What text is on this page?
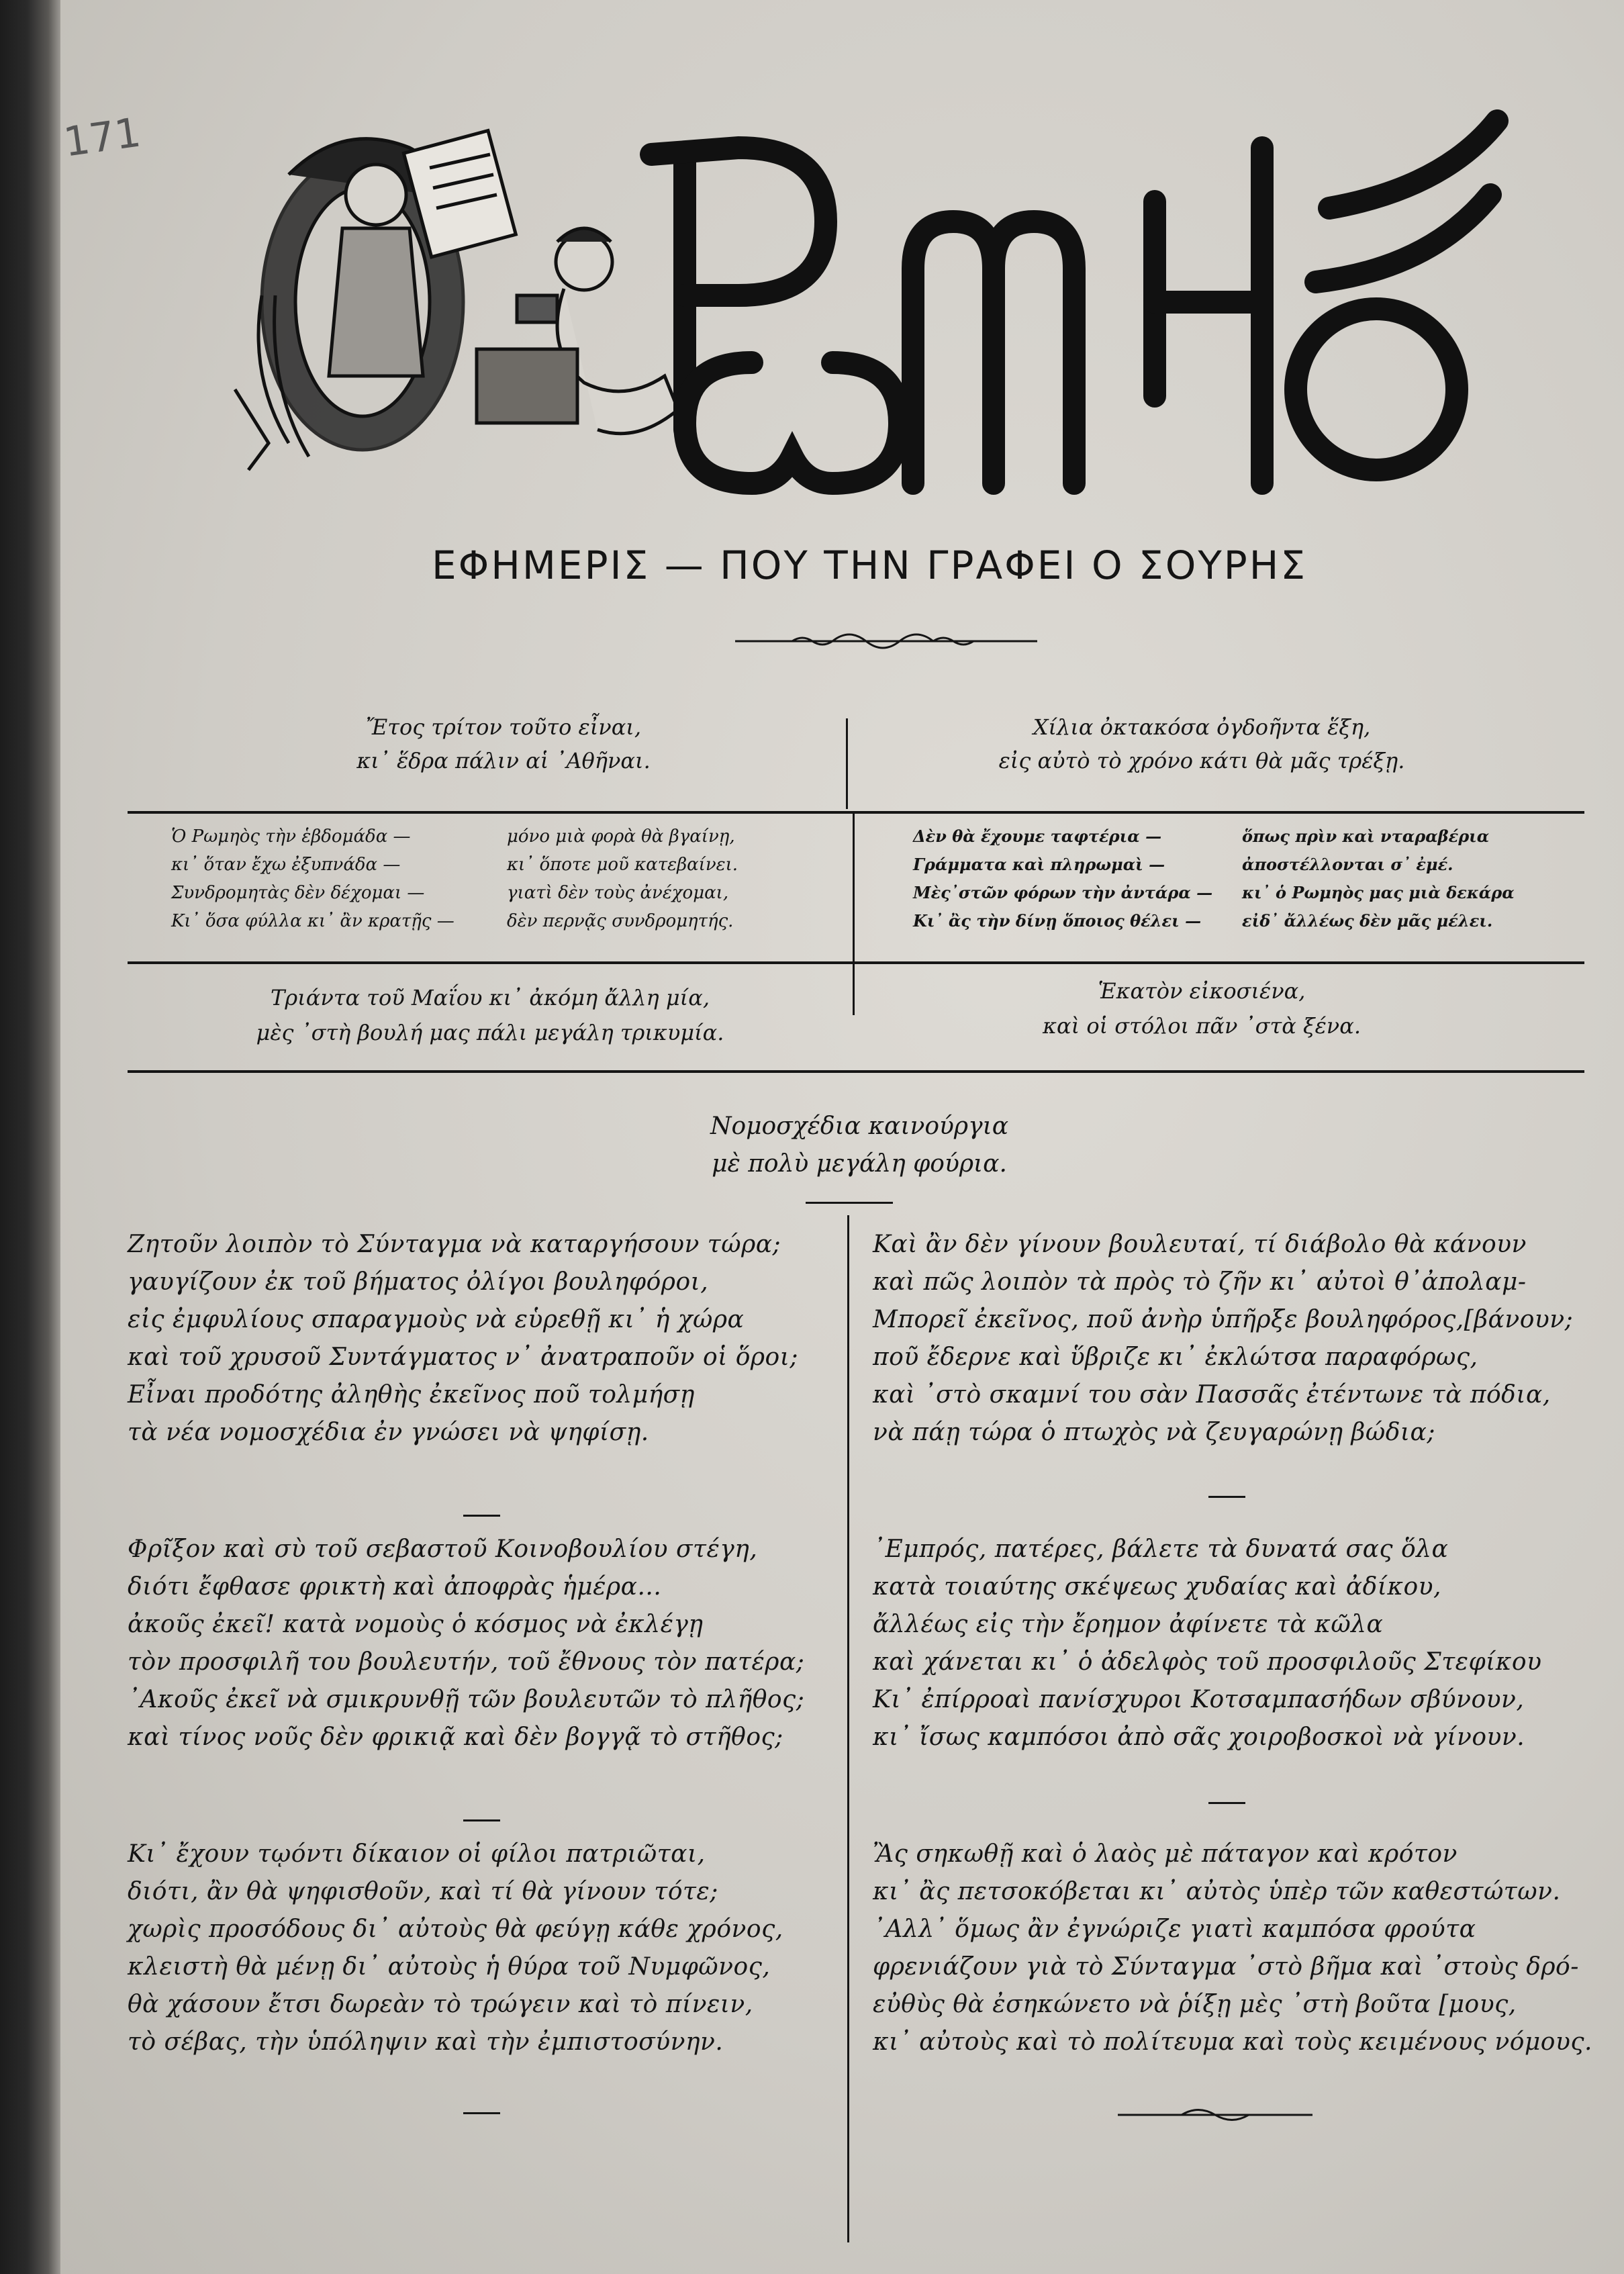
171
ΕΦΗΜΕΡΙΣ — ΠΟΥ ΤΗΝ ΓΡΑΦΕΙ Ο ΣΟΥΡΗΣ
Ἔτος τρίτον τοῦτο εἶναι,
κι᾽ ἕδρα πάλιν αἱ ᾽Αθῆναι.
Χίλια ὀκτακόσα ὀγδοῆντα ἕξη,
εἰς αὐτὸ τὸ χρόνο κάτι θὰ μᾶς τρέξῃ.
Ὁ Ρωμηὸς τὴν ἑβδομάδα —	μόνο μιὰ φορὰ θὰ βγαίνῃ,
κι᾽ ὅταν ἔχω ἐξυπνάδα —	κι᾽ ὅποτε μοῦ κατεβαίνει.
Συνδρομητὰς δὲν δέχομαι —	γιατὶ δὲν τοὺς ἀνέχομαι,
Κι᾽ ὅσα φύλλα κι᾽ ἂν κρατῇς —	δὲν περνᾷς συνδρομητής.
Δὲν θὰ ἔχουμε ταφτέρια —	ὅπως πρὶν καὶ νταραβέρια
Γράμματα καὶ πληρωμαὶ —	ἀποστέλλονται σ᾽ ἐμέ.
Μὲς᾽στῶν φόρων τὴν ἀντάρα — κι᾽ ὁ Ρωμηὸς μας μιὰ δεκάρα
Κι᾽ ἂς τὴν δίνῃ ὅποιος θέλει —	εἰδ᾽ ἄλλέως δὲν μᾶς μέλει.
Τριάντα τοῦ Μαΐου κι᾽ ἀκόμη ἄλλη μία,
μὲς ᾽στὴ βουλή μας πάλι μεγάλη τρικυμία.
Ἑκατὸν εἰκοσιένα,
καὶ οἱ στόλοι πᾶν ᾽στὰ ξένα.
Νομοσχέδια καινούργια
μὲ πολὺ μεγάλη φούρια.
Ζητοῦν λοιπὸν τὸ Σύνταγμα νὰ καταργήσουν τώρα;
γαυγίζουν ἐκ τοῦ βήματος ὀλίγοι βουληφόροι,
εἰς ἐμφυλίους σπαραγμοὺς νὰ εὑρεθῇ κι᾽ ἡ χώρα
καὶ τοῦ χρυσοῦ Συντάγματος ν᾽ ἀνατραποῦν οἱ ὅροι;
Εἶναι προδότης ἀληθὴς ἐκεῖνος ποῦ τολμήσῃ
τὰ νέα νομοσχέδια ἐν γνώσει νὰ ψηφίσῃ.
Φρῖξον καὶ σὺ τοῦ σεβαστοῦ Κοινοβουλίου στέγη,
διότι ἔφθασε φρικτὴ καὶ ἀποφρὰς ἡμέρα...
ἀκοῦς ἐκεῖ! κατὰ νομοὺς ὁ κόσμος νὰ ἐκλέγῃ
τὸν προσφιλῆ του βουλευτήν, τοῦ ἔθνους τὸν πατέρα;
᾽Ακοῦς ἐκεῖ νὰ σμικρυνθῇ τῶν βουλευτῶν τὸ πλῆθος;
καὶ τίνος νοῦς δὲν φρικιᾷ καὶ δὲν βογγᾷ τὸ στῆθος;
Κι᾽ ἔχουν τῳόντι δίκαιον οἱ φίλοι πατριῶται,
διότι, ἂν θὰ ψηφισθοῦν, καὶ τί θὰ γίνουν τότε;
χωρὶς προσόδους δι᾽ αὐτοὺς θὰ φεύγῃ κάθε χρόνος,
κλειστὴ θὰ μένῃ δι᾽ αὐτοὺς ἡ θύρα τοῦ Νυμφῶνος,
θὰ χάσουν ἔτσι δωρεὰν τὸ τρώγειν καὶ τὸ πίνειν,
τὸ σέβας, τὴν ὑπόληψιν καὶ τὴν ἐμπιστοσύνην.
Καὶ ἂν δὲν γίνουν βουλευταί, τί διάβολο θὰ κάνουν
καὶ πῶς λοιπὸν τὰ πρὸς τὸ ζῆν κι᾽ αὐτοὶ θ᾽ἀπολαμ-
Μπορεῖ ἐκεῖνος, ποῦ ἀνὴρ ὑπῆρξε βουληφόρος,[βάνουν;
ποῦ ἔδερνε καὶ ὕβριζε κι᾽ ἐκλώτσα παραφόρως,
καὶ ᾽στὸ σκαμνί του σὰν Πασσᾶς ἐτέντωνε τὰ πόδια,
νὰ πάῃ τώρα ὁ πτωχὸς νὰ ζευγαρώνῃ βώδια;
᾽Εμπρός, πατέρες, βάλετε τὰ δυνατά σας ὅλα
κατὰ τοιαύτης σκέψεως χυδαίας καὶ ἀδίκου,
ἄλλέως εἰς τὴν ἔρημον ἀφίνετε τὰ κῶλα
καὶ χάνεται κι᾽ ὁ ἀδελφὸς τοῦ προσφιλοῦς Στεφίκου
Κι᾽ ἐπίρροαὶ πανίσχυροι Κοτσαμπασήδων σβύνουν,
κι᾽ ἴσως καμπόσοι ἀπὸ σᾶς χοιροβοσκοὶ νὰ γίνουν.
Ἂς σηκωθῇ καὶ ὁ λαὸς μὲ πάταγον καὶ κρότον
κι᾽ ἂς πετσοκόβεται κι᾽ αὐτὸς ὑπὲρ τῶν καθεστώτων.
᾽Αλλ᾽ ὅμως ἂν ἐγνώριζε γιατὶ καμπόσα φρούτα
φρενιάζουν γιὰ τὸ Σύνταγμα ᾽στὸ βῆμα καὶ ᾽στοὺς δρό-
εὐθὺς θὰ ἐσηκώνετο νὰ ῥίξῃ μὲς ᾽στὴ βοῦτα [μους,
κι᾽ αὐτοὺς καὶ τὸ πολίτευμα καὶ τοὺς κειμένους νόμους.
